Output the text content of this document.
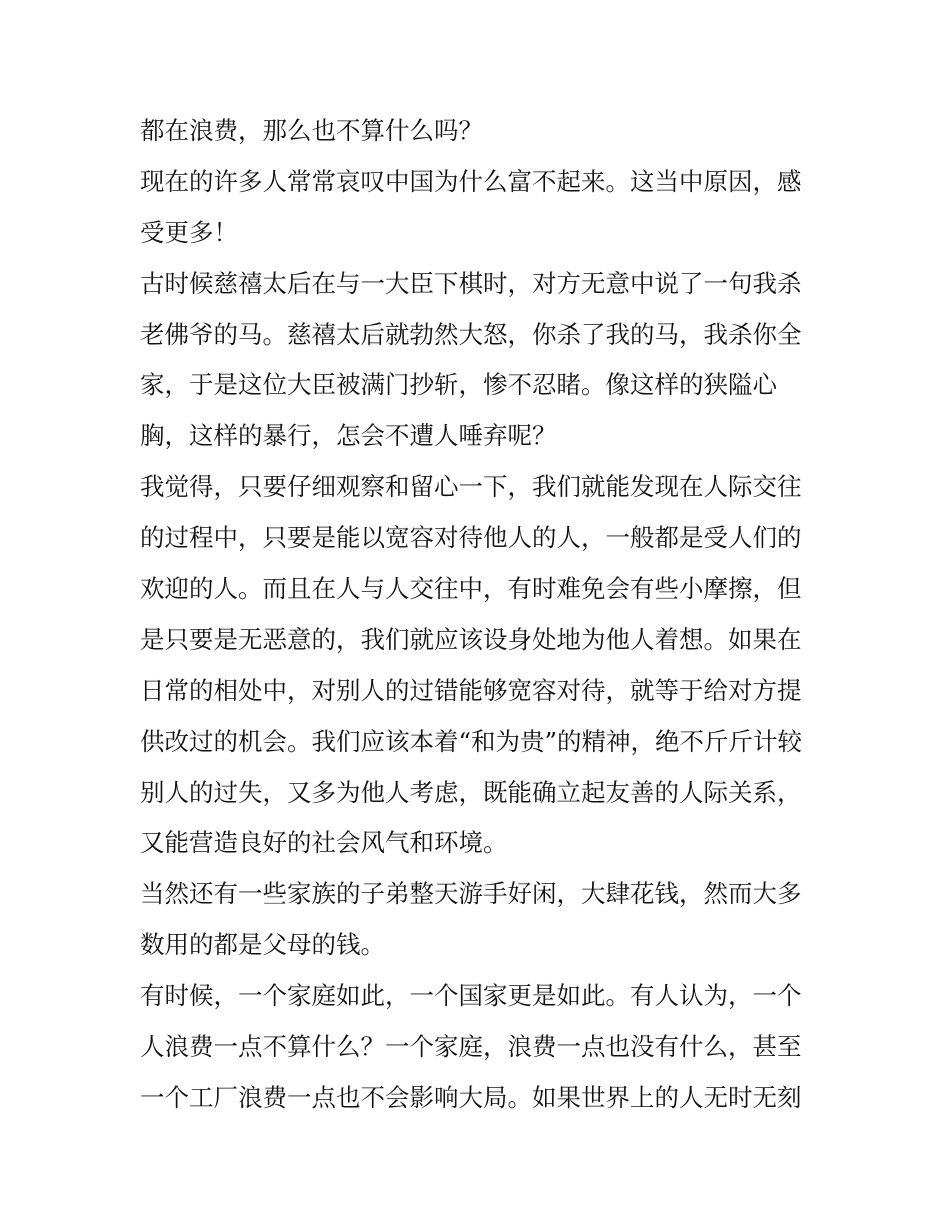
都在浪费，那么也不算什么吗？
现在的许多人常常哀叹中国为什么富不起来。这当中原因，感
受更多！
古时候慈禧太后在与一大臣下棋时，对方无意中说了一句我杀
老佛爷的马。慈禧太后就勃然大怒，你杀了我的马，我杀你全
家，于是这位大臣被满门抄斩，惨不忍睹。像这样的狭隘心
胸，这样的暴行，怎会不遭人唾弃呢？
我觉得，只要仔细观察和留心一下，我们就能发现在人际交往
的过程中，只要是能以宽容对待他人的人，一般都是受人们的
欢迎的人。而且在人与人交往中，有时难免会有些小摩擦，但
是只要是无恶意的，我们就应该设身处地为他人着想。如果在
日常的相处中，对别人的过错能够宽容对待，就等于给对方提
供改过的机会。我们应该本着“和为贵”的精神，绝不斤斤计较
别人的过失，又多为他人考虑，既能确立起友善的人际关系，
又能营造良好的社会风气和环境。
当然还有一些家族的子弟整天游手好闲，大肆花钱，然而大多
数用的都是父母的钱。
有时候，一个家庭如此，一个国家更是如此。有人认为，一个
人浪费一点不算什么？一个家庭，浪费一点也没有什么，甚至
一个工厂浪费一点也不会影响大局。如果世界上的人无时无刻
